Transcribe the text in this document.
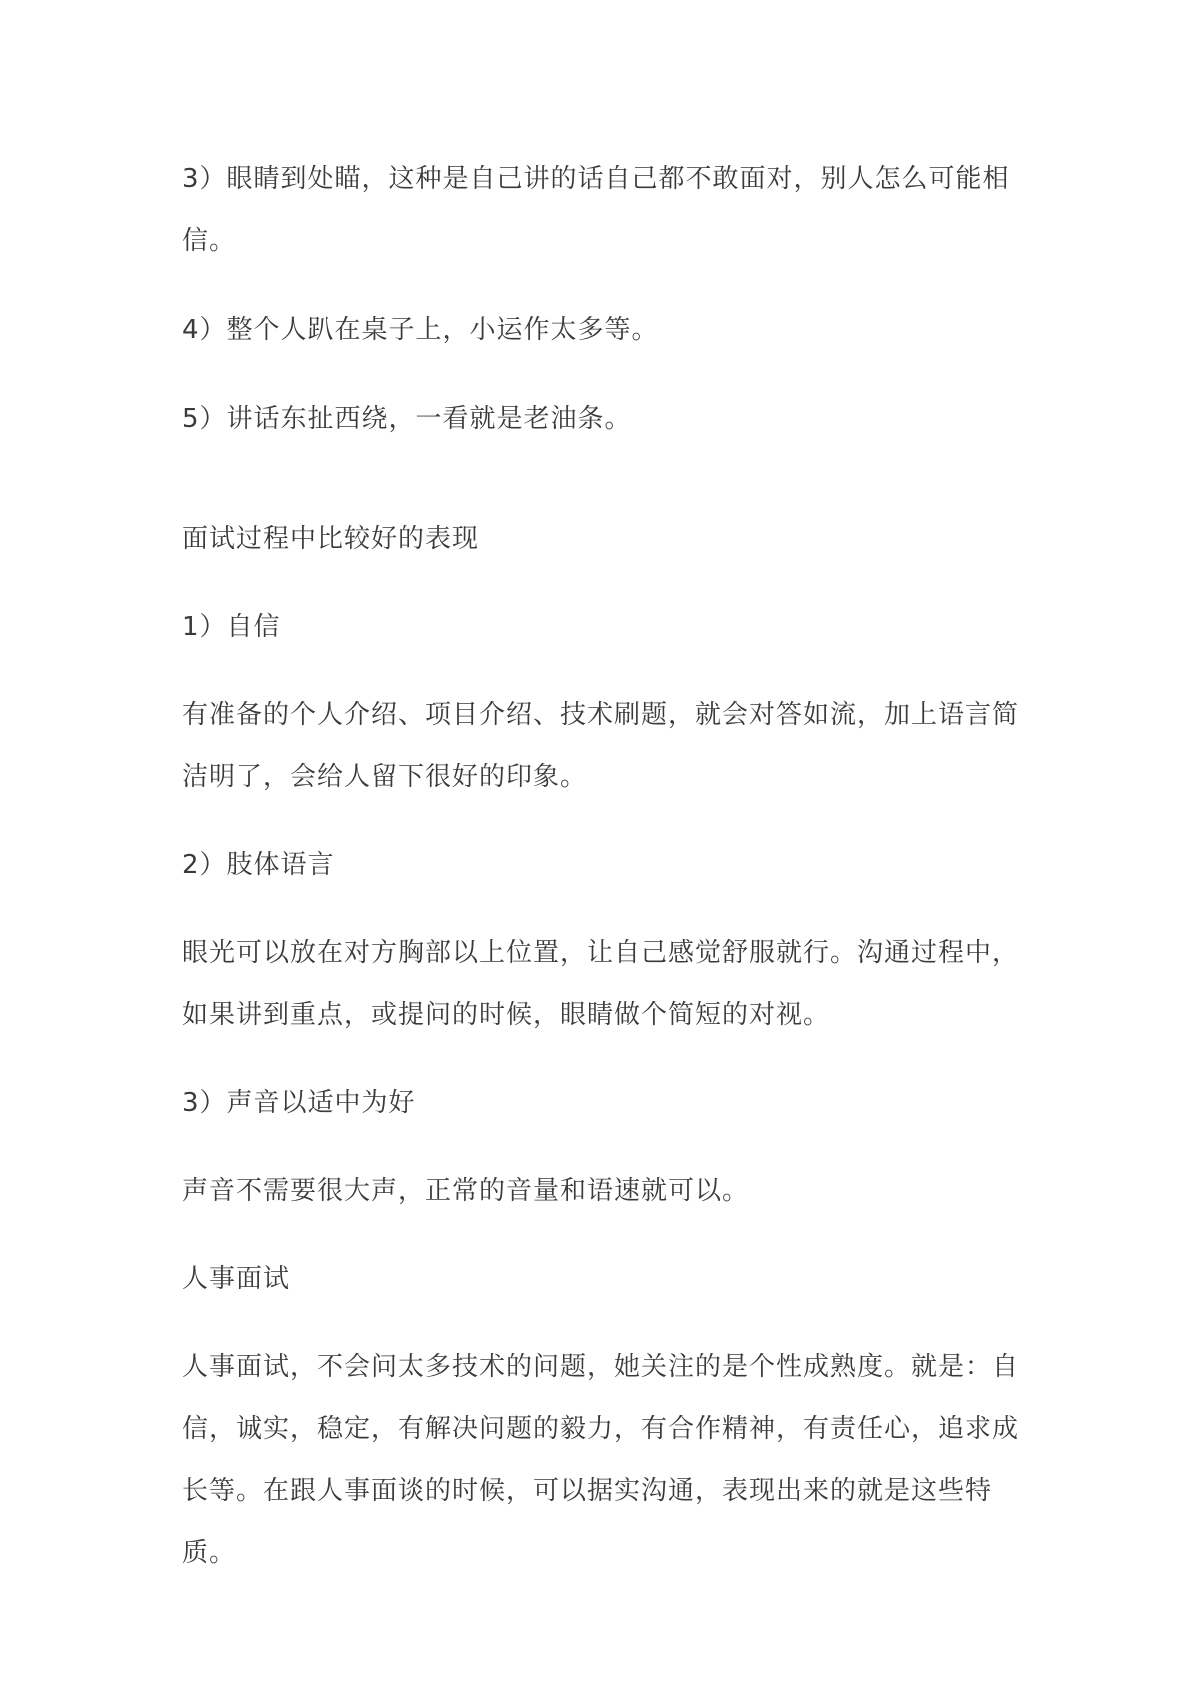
3）眼睛到处瞄，这种是自己讲的话自己都不敢面对，别人怎么可能相信。

4）整个人趴在桌子上，小运作太多等。

5）讲话东扯西绕，一看就是老油条。

面试过程中比较好的表现

1）自信

有准备的个人介绍、项目介绍、技术刷题，就会对答如流，加上语言简洁明了，会给人留下很好的印象。

2）肢体语言

眼光可以放在对方胸部以上位置，让自己感觉舒服就行。沟通过程中，如果讲到重点，或提问的时候，眼睛做个简短的对视。

3）声音以适中为好

声音不需要很大声，正常的音量和语速就可以。

人事面试

人事面试，不会问太多技术的问题，她关注的是个性成熟度。就是：自信，诚实，稳定，有解决问题的毅力，有合作精神，有责任心，追求成长等。在跟人事面谈的时候，可以据实沟通，表现出来的就是这些特质。
